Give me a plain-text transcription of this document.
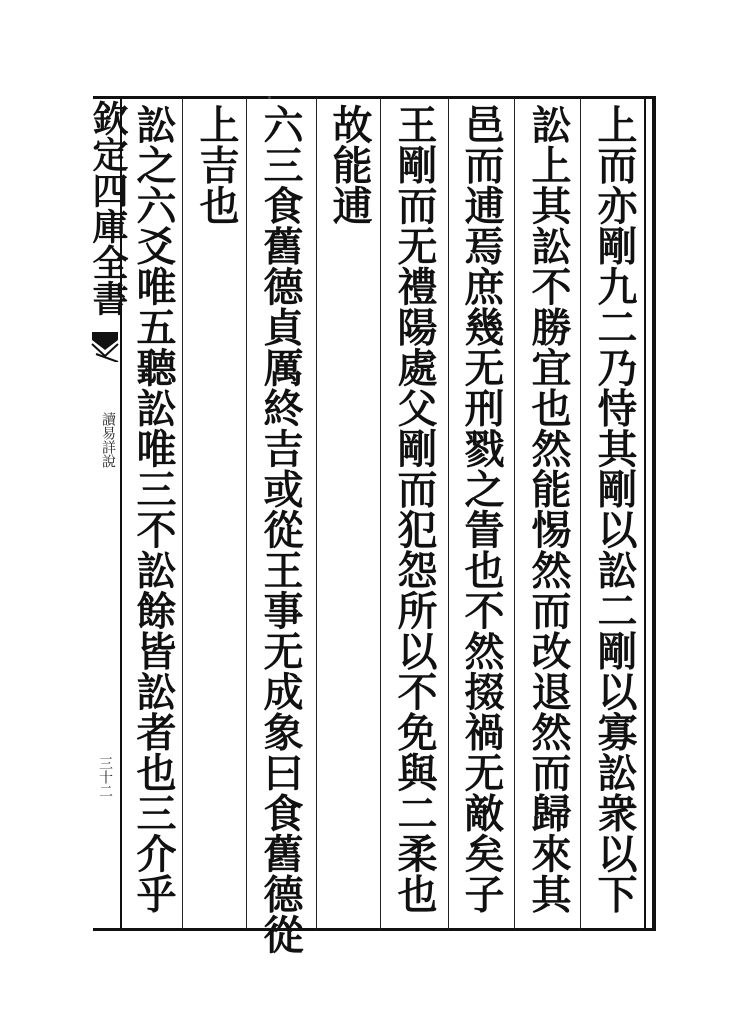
欽定四庫全書
讀易詳說
三十二	上而亦剛九二乃恃其剛以訟二剛以寡訟衆以下
訟上其訟不勝宜也然能惕然而改退然而歸來其
邑而逋焉庶幾无刑戮之眚也不然掇禍无敵矣子
王剛而无禮陽處父剛而犯怨所以不免與二柔也
故能逋
六三食舊德貞厲終吉或從王事无成象曰食舊德從
上吉也
訟之六爻唯五聽訟唯三不訟餘皆訟者也三介乎
